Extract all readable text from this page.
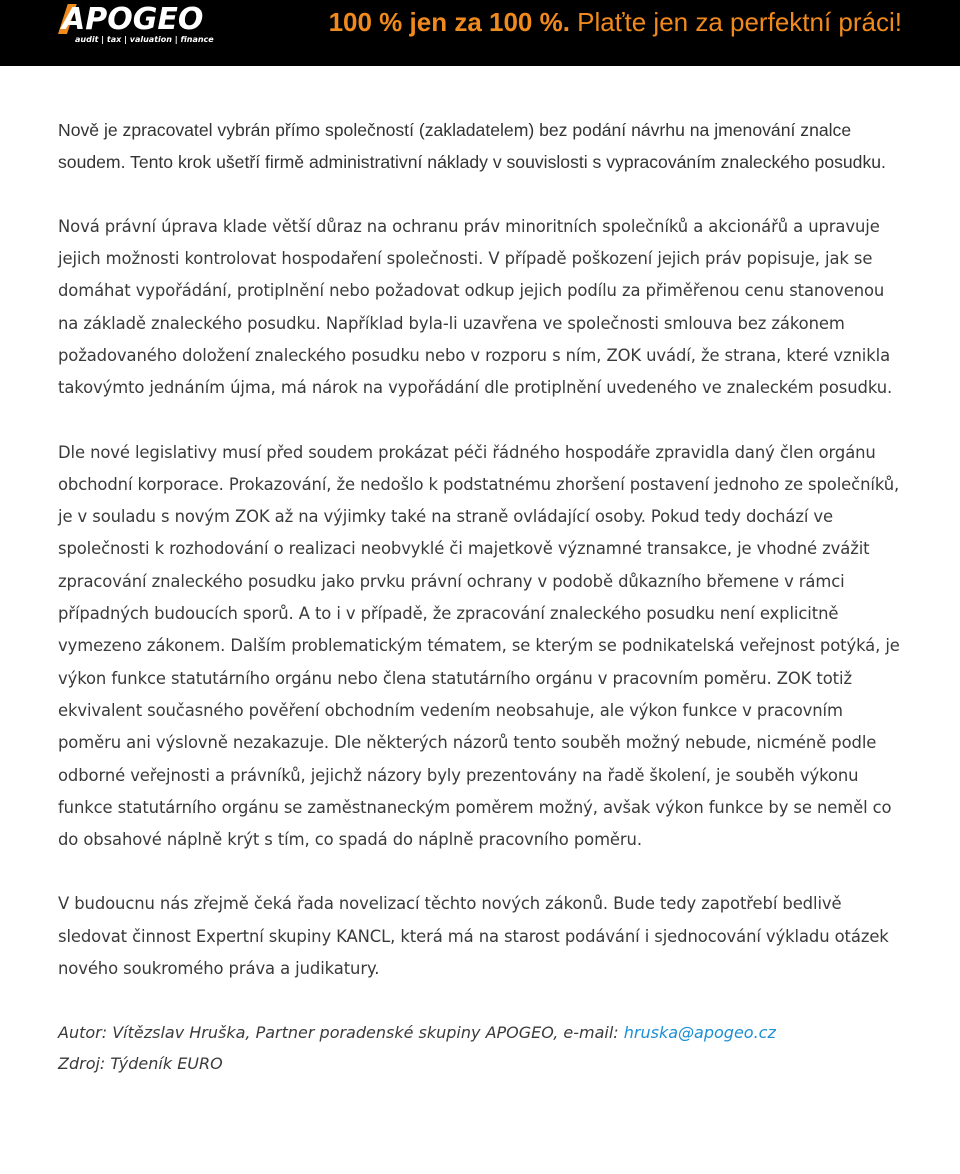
APOGEO
audit | tax | valuation | finance
100 % jen za 100 %. Plaťte jen za perfektní práci!

Nově je zpracovatel vybrán přímo společností (zakladatelem) bez podání návrhu na jmenování znalce soudem. Tento krok ušetří firmě administrativní náklady v souvislosti s vypracováním znaleckého posudku.

Nová právní úprava klade větší důraz na ochranu práv minoritních společníků a akcionářů a upravuje jejich možnosti kontrolovat hospodaření společnosti. V případě poškození jejich práv popisuje, jak se domáhat vypořádání, protiplnění nebo požadovat odkup jejich podílu za přiměřenou cenu stanovenou na základě znaleckého posudku. Například byla-li uzavřena ve společnosti smlouva bez zákonem požadovaného doložení znaleckého posudku nebo v rozporu s ním, ZOK uvádí, že strana, které vznikla takovýmto jednáním újma, má nárok na vypořádání dle protiplnění uvedeného ve znaleckém posudku.

Dle nové legislativy musí před soudem prokázat péči řádného hospodáře zpravidla daný člen orgánu obchodní korporace. Prokazování, že nedošlo k podstatnému zhoršení postavení jednoho ze společníků, je v souladu s novým ZOK až na výjimky také na straně ovládající osoby. Pokud tedy dochází ve společnosti k rozhodování o realizaci neobvyklé či majetkově významné transakce, je vhodné zvážit zpracování znaleckého posudku jako prvku právní ochrany v podobě důkazního břemene v rámci případných budoucích sporů. A to i v případě, že zpracování znaleckého posudku není explicitně vymezeno zákonem. Dalším problematickým tématem, se kterým se podnikatelská veřejnost potýká, je výkon funkce statutárního orgánu nebo člena statutárního orgánu v pracovním poměru. ZOK totiž ekvivalent současného pověření obchodním vedením neobsahuje, ale výkon funkce v pracovním poměru ani výslovně nezakazuje. Dle některých názorů tento souběh možný nebude, nicméně podle odborné veřejnosti a právníků, jejichž názory byly prezentovány na řadě školení, je souběh výkonu funkce statutárního orgánu se zaměstnaneckým poměrem možný, avšak výkon funkce by se neměl co do obsahové náplně krýt s tím, co spadá do náplně pracovního poměru.

V budoucnu nás zřejmě čeká řada novelizací těchto nových zákonů. Bude tedy zapotřebí bedlivě sledovat činnost Expertní skupiny KANCL, která má na starost podávání i sjednocování výkladu otázek nového soukromého práva a judikatury.

Autor: Vítězslav Hruška, Partner poradenské skupiny APOGEO, e-mail: hruska@apogeo.cz

Zdroj: Týdeník EURO
